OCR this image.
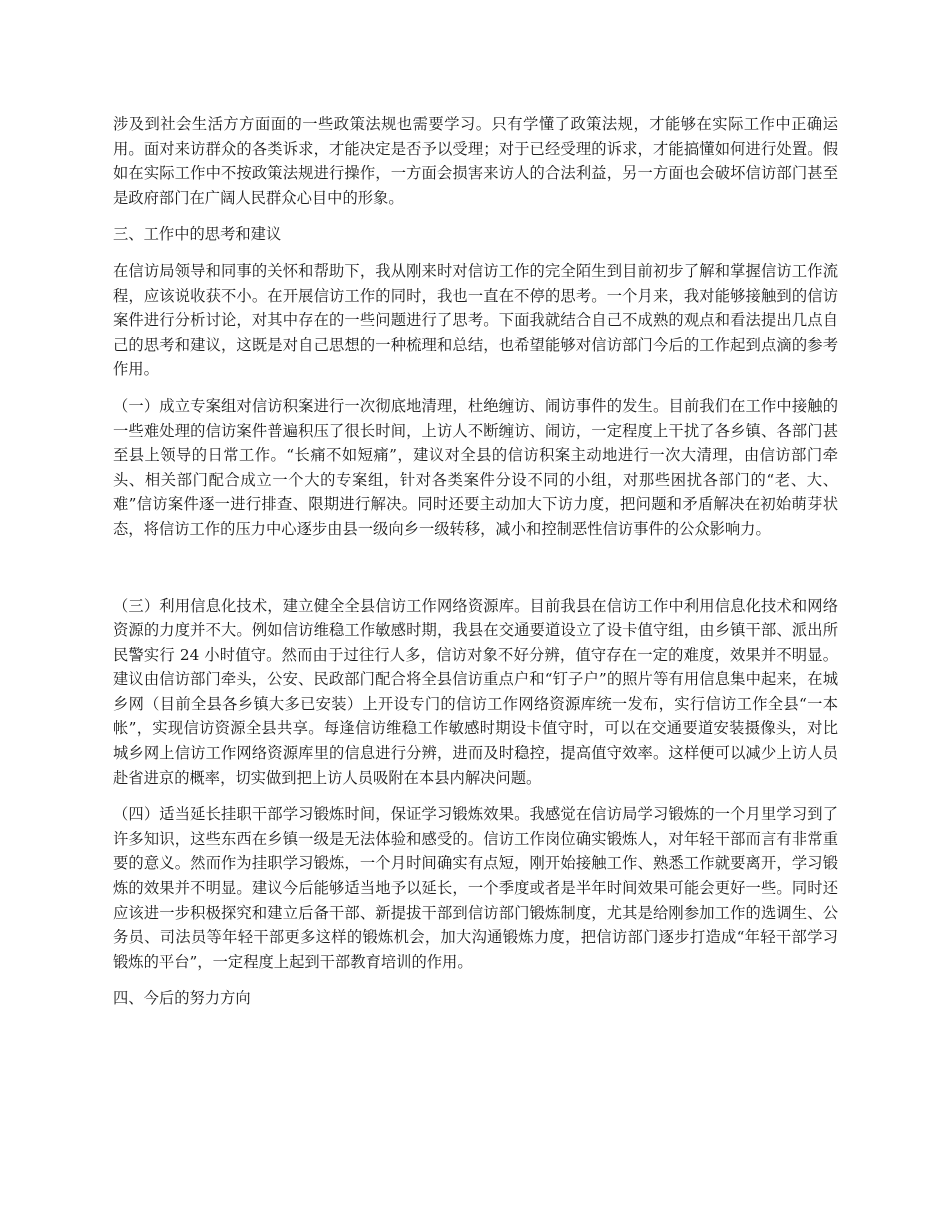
涉及到社会生活方方面面的一些政策法规也需要学习。只有学懂了政策法规，才能够在实际工作中正确运用。面对来访群众的各类诉求，才能决定是否予以受理；对于已经受理的诉求，才能搞懂如何进行处置。假如在实际工作中不按政策法规进行操作，一方面会损害来访人的合法利益，另一方面也会破坏信访部门甚至是政府部门在广阔人民群众心目中的形象。

三、工作中的思考和建议

在信访局领导和同事的关怀和帮助下，我从刚来时对信访工作的完全陌生到目前初步了解和掌握信访工作流程，应该说收获不小。在开展信访工作的同时，我也一直在不停的思考。一个月来，我对能够接触到的信访案件进行分析讨论，对其中存在的一些问题进行了思考。下面我就结合自己不成熟的观点和看法提出几点自己的思考和建议，这既是对自己思想的一种梳理和总结，也希望能够对信访部门今后的工作起到点滴的参考作用。

（一）成立专案组对信访积案进行一次彻底地清理，杜绝缠访、闹访事件的发生。目前我们在工作中接触的一些难处理的信访案件普遍积压了很长时间，上访人不断缠访、闹访，一定程度上干扰了各乡镇、各部门甚至县上领导的日常工作。“长痛不如短痛”，建议对全县的信访积案主动地进行一次大清理，由信访部门牵头、相关部门配合成立一个大的专案组，针对各类案件分设不同的小组，对那些困扰各部门的“老、大、难”信访案件逐一进行排查、限期进行解决。同时还要主动加大下访力度，把问题和矛盾解决在初始萌芽状态，将信访工作的压力中心逐步由县一级向乡一级转移，减小和控制恶性信访事件的公众影响力。

（三）利用信息化技术，建立健全全县信访工作网络资源库。目前我县在信访工作中利用信息化技术和网络资源的力度并不大。例如信访维稳工作敏感时期，我县在交通要道设立了设卡值守组，由乡镇干部、派出所民警实行 24 小时值守。然而由于过往行人多，信访对象不好分辨，值守存在一定的难度，效果并不明显。建议由信访部门牵头，公安、民政部门配合将全县信访重点户和“钉子户”的照片等有用信息集中起来，在城乡网（目前全县各乡镇大多已安装）上开设专门的信访工作网络资源库统一发布，实行信访工作全县“一本帐”，实现信访资源全县共享。每逢信访维稳工作敏感时期设卡值守时，可以在交通要道安装摄像头，对比城乡网上信访工作网络资源库里的信息进行分辨，进而及时稳控，提高值守效率。这样便可以减少上访人员赴省进京的概率，切实做到把上访人员吸附在本县内解决问题。

（四）适当延长挂职干部学习锻炼时间，保证学习锻炼效果。我感觉在信访局学习锻炼的一个月里学习到了许多知识，这些东西在乡镇一级是无法体验和感受的。信访工作岗位确实锻炼人，对年轻干部而言有非常重要的意义。然而作为挂职学习锻炼，一个月时间确实有点短，刚开始接触工作、熟悉工作就要离开，学习锻炼的效果并不明显。建议今后能够适当地予以延长，一个季度或者是半年时间效果可能会更好一些。同时还应该进一步积极探究和建立后备干部、新提拔干部到信访部门锻炼制度，尤其是给刚参加工作的选调生、公务员、司法员等年轻干部更多这样的锻炼机会，加大沟通锻炼力度，把信访部门逐步打造成“年轻干部学习锻炼的平台”，一定程度上起到干部教育培训的作用。

四、今后的努力方向
